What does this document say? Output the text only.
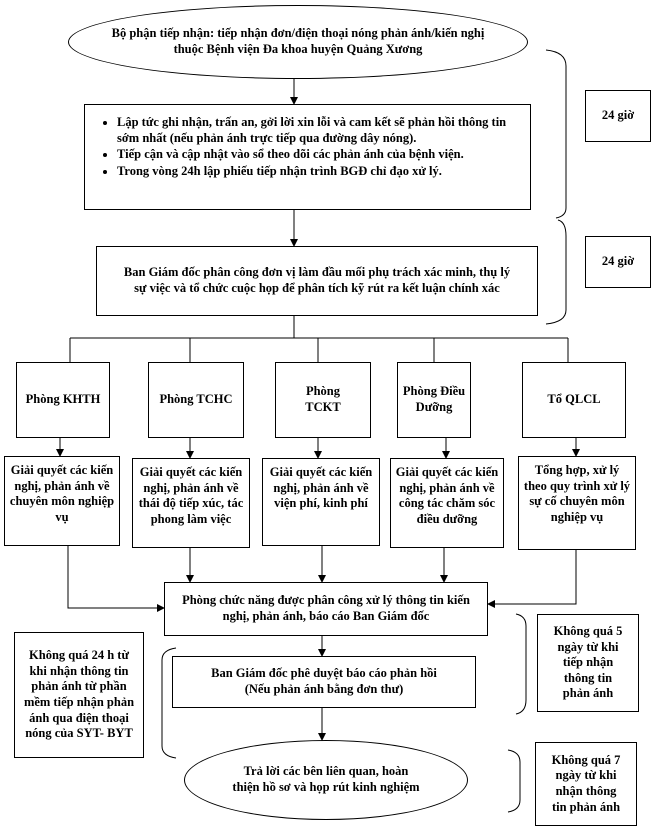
Bộ phận tiếp nhận: tiếp nhận đơn/điện thoại nóng phản ánh/kiến nghị thuộc Bệnh viện Đa khoa huyện Quảng Xương
• Lập tức ghi nhận, trấn an, gởi lời xin lỗi và cam kết sẽ phản hồi thông tin sớm nhất (nếu phản ánh trực tiếp qua đường dây nóng).
• Tiếp cận và cập nhật vào sổ theo dõi các phản ánh của bệnh viện.
• Trong vòng 24h lập phiếu tiếp nhận trình BGĐ chỉ đạo xử lý.
24 giờ
Ban Giám đốc phân công đơn vị làm đầu mối phụ trách xác minh, thụ lý sự việc và tổ chức cuộc họp để phân tích kỹ rút ra kết luận chính xác
24 giờ
Phòng KHTH	Phòng TCHC
Phòng TCKT
Phòng Điều Dưỡng
Tổ QLCL
Giải quyết các kiến nghị, phản ánh về chuyên môn nghiệp vụ
Giải quyết các kiến nghị, phản ánh về thái độ tiếp xúc, tác phong làm việc
Giải quyết các kiến nghị, phản ánh về viện phí, kinh phí
Giải quyết các kiến nghị, phản ánh về công tác chăm sóc điều dưỡng
Tổng hợp, xử lý theo quy trình xử lý sự cố chuyên môn nghiệp vụ
Phòng chức năng được phân công xử lý thông tin kiến nghị, phản ánh, báo cáo Ban Giám đốc
Ban Giám đốc phê duyệt báo cáo phản hồi (Nếu phản ánh bằng đơn thư)
Trả lời các bên liên quan, hoàn thiện hồ sơ và họp rút kinh nghiệm
Không quá 24 h từ khi nhận thông tin phản ánh từ phần mềm tiếp nhận phản ánh qua điện thoại nóng của SYT- BYT
Không quá 5 ngày từ khi tiếp nhận thông tin phản ánh
Không quá 7 ngày từ khi nhận thông tin phản ánh
